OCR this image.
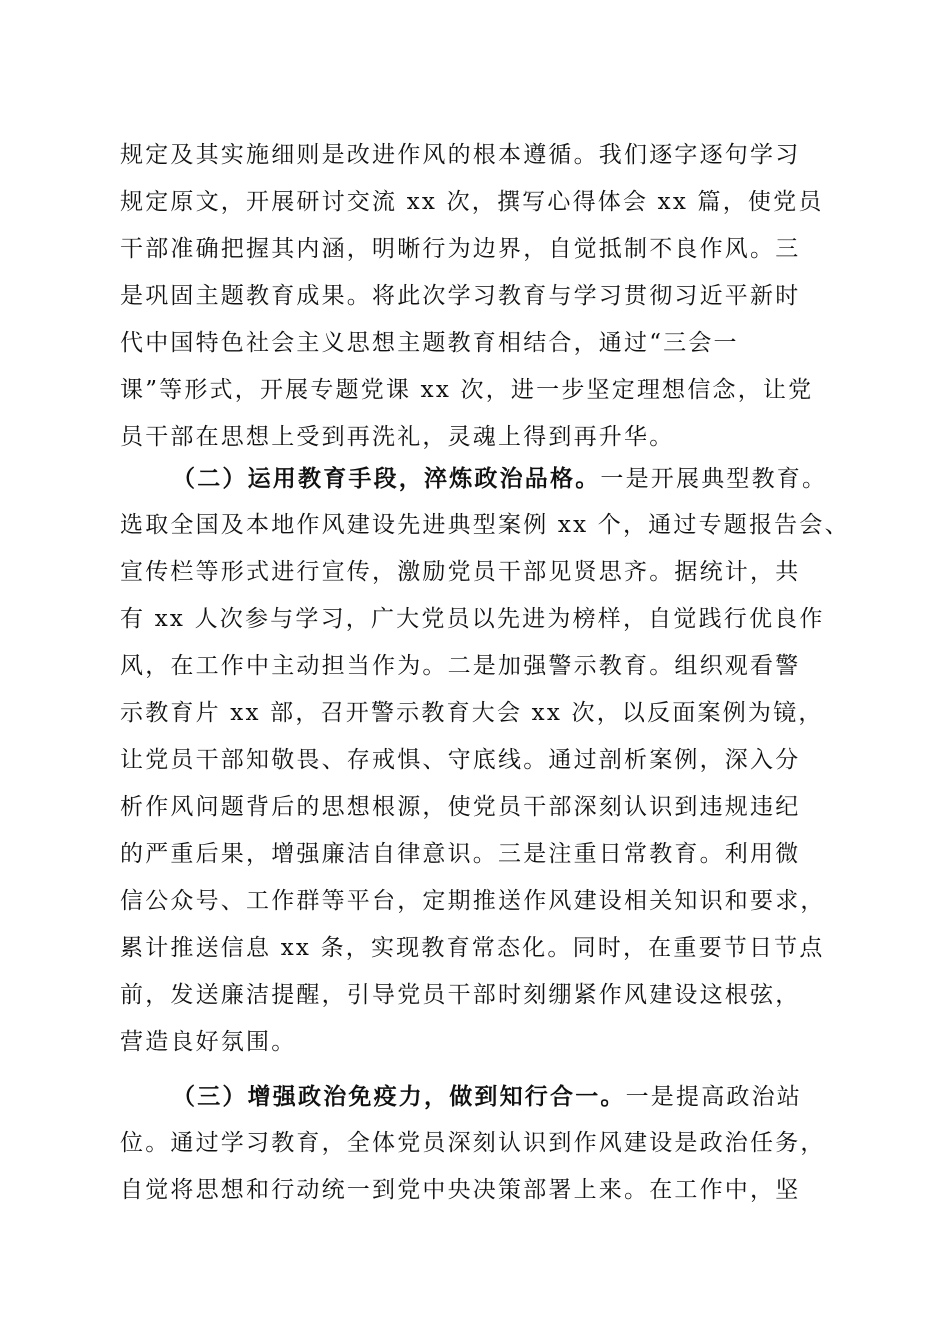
规定及其实施细则是改进作风的根本遵循。我们逐字逐句学习
规定原文，开展研讨交流 xx 次，撰写心得体会 xx 篇，使党员
干部准确把握其内涵，明晰行为边界，自觉抵制不良作风。三
是巩固主题教育成果。将此次学习教育与学习贯彻习近平新时
代中国特色社会主义思想主题教育相结合，通过“三会一
课”等形式，开展专题党课 xx 次，进一步坚定理想信念，让党
员干部在思想上受到再洗礼，灵魂上得到再升华。
（二）运用教育手段，淬炼政治品格。一是开展典型教育。
选取全国及本地作风建设先进典型案例 xx 个，通过专题报告会、
宣传栏等形式进行宣传，激励党员干部见贤思齐。据统计，共
有 xx 人次参与学习，广大党员以先进为榜样，自觉践行优良作
风，在工作中主动担当作为。二是加强警示教育。组织观看警
示教育片 xx 部，召开警示教育大会 xx 次，以反面案例为镜，
让党员干部知敬畏、存戒惧、守底线。通过剖析案例，深入分
析作风问题背后的思想根源，使党员干部深刻认识到违规违纪
的严重后果，增强廉洁自律意识。三是注重日常教育。利用微
信公众号、工作群等平台，定期推送作风建设相关知识和要求，
累计推送信息 xx 条，实现教育常态化。同时，在重要节日节点
前，发送廉洁提醒，引导党员干部时刻绷紧作风建设这根弦，
营造良好氛围。
（三）增强政治免疫力，做到知行合一。一是提高政治站
位。通过学习教育，全体党员深刻认识到作风建设是政治任务，
自觉将思想和行动统一到党中央决策部署上来。在工作中，坚
